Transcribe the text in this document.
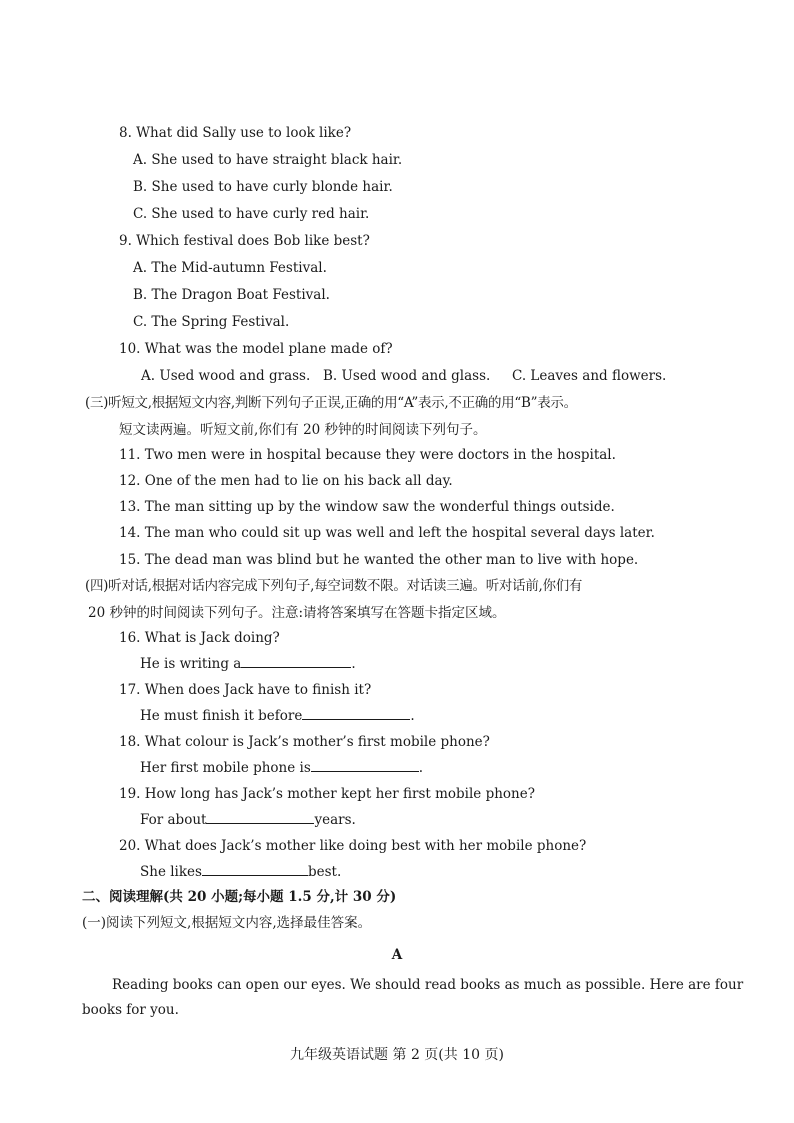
8. What did Sally use to look like?
A. She used to have straight black hair.
B. She used to have curly blonde hair.
C. She used to have curly red hair.
9. Which festival does Bob like best?
A. The Mid-autumn Festival.
B. The Dragon Boat Festival.
C. The Spring Festival.
10. What was the model plane made of?
A. Used wood and grass. B. Used wood and glass. C. Leaves and flowers.
(三)听短文,根据短文内容,判断下列句子正误,正确的用“A”表示,不正确的用“B”表示。
短文读两遍。听短文前,你们有 20 秒钟的时间阅读下列句子。
11. Two men were in hospital because they were doctors in the hospital.
12. One of the men had to lie on his back all day.
13. The man sitting up by the window saw the wonderful things outside.
14. The man who could sit up was well and left the hospital several days later.
15. The dead man was blind but he wanted the other man to live with hope.
(四)听对话,根据对话内容完成下列句子,每空词数不限。对话读三遍。听对话前,你们有
20 秒钟的时间阅读下列句子。注意:请将答案填写在答题卡指定区域。
16. What is Jack doing?
He is writing a	.
17. When does Jack have to finish it?
He must finish it before	.
18. What colour is Jack’s mother’s first mobile phone?
Her first mobile phone is	.
19. How long has Jack’s mother kept her first mobile phone?
For about	years.
20. What does Jack’s mother like doing best with her mobile phone?
She likes	best.
二、阅读理解(共 20 小题;每小题 1.5 分,计 30 分)
(一)阅读下列短文,根据短文内容,选择最佳答案。
A
Reading books can open our eyes. We should read books as much as possible. Here are four
books for you.
九年级英语试题 第 2 页(共 10 页)
